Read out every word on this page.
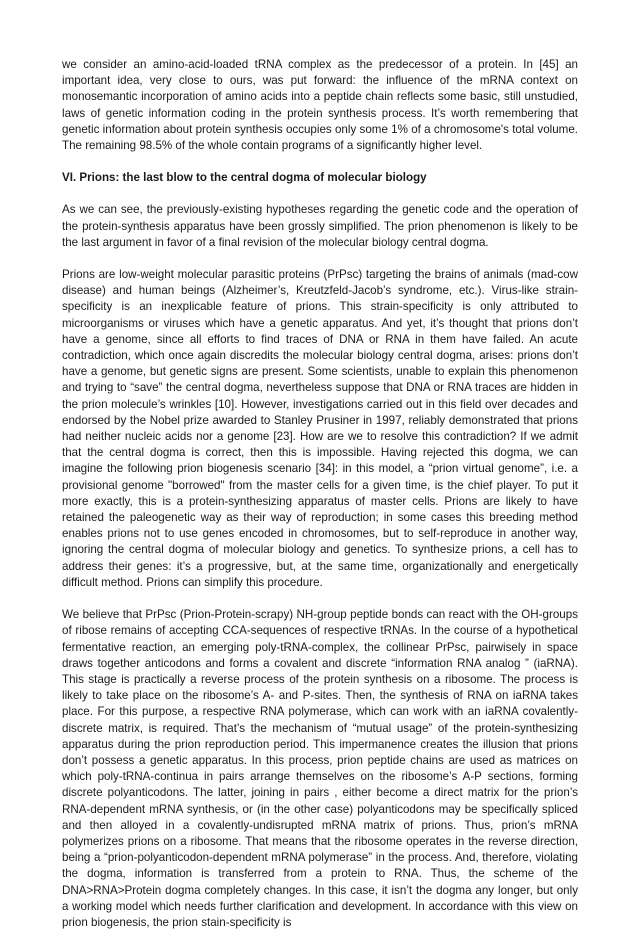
we consider an amino-acid-loaded tRNA complex as the predecessor of a protein. In [45] an important idea, very close to ours, was put forward: the influence of the mRNA context on monosemantic incorporation of amino acids into a peptide chain reflects some basic, still unstudied, laws of genetic information coding in the protein synthesis process. It’s worth remembering that genetic information about protein synthesis occupies only some 1% of a chromosome's total volume. The remaining 98.5% of the whole contain programs of a significantly higher level.

VI. Prions: the last blow to the central dogma of molecular biology

As we can see, the previously-existing hypotheses regarding the genetic code and the operation of the protein-synthesis apparatus have been grossly simplified. The prion phenomenon is likely to be the last argument in favor of a final revision of the molecular biology central dogma.

Prions are low-weight molecular parasitic proteins (PrPsc) targeting the brains of animals (mad-cow disease) and human beings (Alzheimer’s, Kreutzfeld-Jacob’s syndrome, etc.). Virus-like strain-specificity is an inexplicable feature of prions. This strain-specificity is only attributed to microorganisms or viruses which have a genetic apparatus. And yet, it’s thought that prions don’t have a genome, since all efforts to find traces of DNA or RNA in them have failed. An acute contradiction, which once again discredits the molecular biology central dogma, arises: prions don’t have a genome, but genetic signs are present. Some scientists, unable to explain this phenomenon and trying to “save” the central dogma, nevertheless suppose that DNA or RNA traces are hidden in the prion molecule’s wrinkles [10]. However, investigations carried out in this field over decades and endorsed by the Nobel prize awarded to Stanley Prusiner in 1997, reliably demonstrated that prions had neither nucleic acids nor a genome [23]. How are we to resolve this contradiction? If we admit that the central dogma is correct, then this is impossible. Having rejected this dogma, we can imagine the following prion biogenesis scenario [34]: in this model, a “prion virtual genome”, i.e. a provisional genome "borrowed" from the master cells for a given time, is the chief player. To put it more exactly, this is a protein-synthesizing apparatus of master cells. Prions are likely to have retained the paleogenetic way as their way of reproduction; in some cases this breeding method enables prions not to use genes encoded in chromosomes, but to self-reproduce in another way, ignoring the central dogma of molecular biology and genetics. To synthesize prions, a cell has to address their genes: it’s a progressive, but, at the same time, organizationally and energetically difficult method. Prions can simplify this procedure.

We believe that PrPsc (Prion-Protein-scrapy) NH-group peptide bonds can react with the OH-groups of ribose remains of accepting CCA-sequences of respective tRNAs. In the course of a hypothetical fermentative reaction, an emerging poly-tRNA-complex, the collinear PrPsc, pairwisely in space draws together anticodons and forms a covalent and discrete “information RNA analog ” (iaRNA). This stage is practically a reverse process of the protein synthesis on a ribosome. The process is likely to take place on the ribosome’s A- and P-sites. Then, the synthesis of RNA on iaRNA takes place. For this purpose, a respective RNA polymerase, which can work with an iaRNA covalently-discrete matrix, is required. That’s the mechanism of “mutual usage” of the protein-synthesizing apparatus during the prion reproduction period. This impermanence creates the illusion that prions don’t possess a genetic apparatus. In this process, prion peptide chains are used as matrices on which poly-tRNA-continua in pairs arrange themselves on the ribosome’s A-P sections, forming discrete polyanticodons. The latter, joining in pairs , either become a direct matrix for the prion’s RNA-dependent mRNA synthesis, or (in the other case) polyanticodons may be specifically spliced and then alloyed in a covalently-undisrupted mRNA matrix of prions. Thus, prion’s mRNA polymerizes prions on a ribosome. That means that the ribosome operates in the reverse direction, being a “prion-polyanticodon-dependent mRNA polymerase” in the process. And, therefore, violating the dogma, information is transferred from a protein to RNA. Thus, the scheme of the DNA>RNA>Protein dogma completely changes. In this case, it isn’t the dogma any longer, but only a working model which needs further clarification and development. In accordance with this view on prion biogenesis, the prion stain-specificity is
